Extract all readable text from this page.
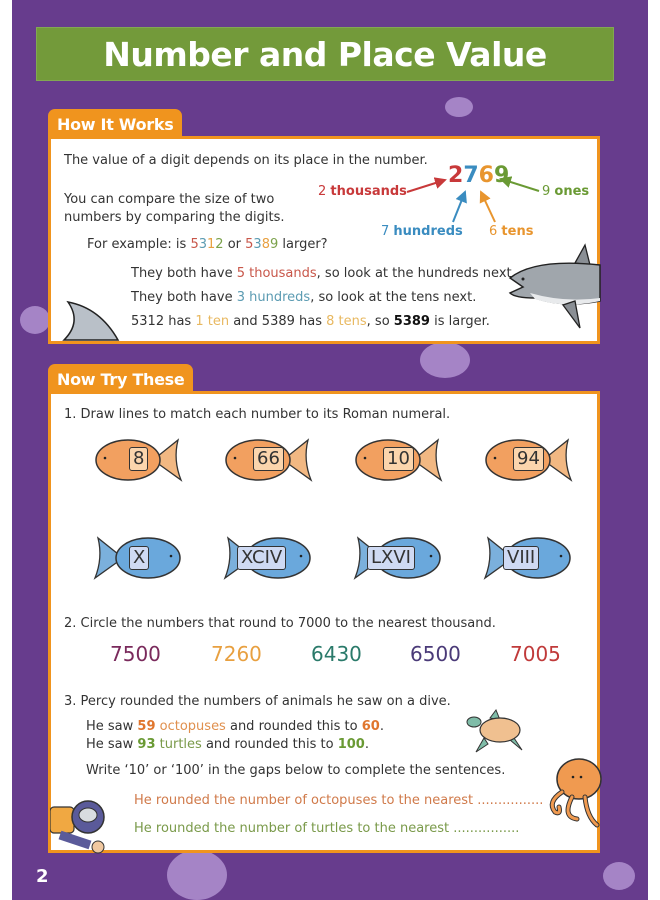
Number and Place Value
How It Works
The value of a digit depends on its place in the number.
You can compare the size of two
numbers by comparing the digits.
For example: is 5312 or 5389 larger?
They both have 5 thousands, so look at the hundreds next.
They both have 3 hundreds, so look at the tens next.
5312 has 1 ten and 5389 has 8 tens, so 5389 is larger.
2769
2 thousands	9 ones
7 hundreds 6 tens
Now Try These
1. Draw lines to match each number to its Roman numeral.
8	66	10	94
X	XCIV	LXVI	VIII
2. Circle the numbers that round to 7000 to the nearest thousand.
7500	7260 6430 6500 7005
3. Percy rounded the numbers of animals he saw on a dive.
He saw 59 octopuses and rounded this to 60.
He saw 93 turtles and rounded this to 100.
Write ‘10’ or ‘100’ in the gaps below to complete the sentences.
He rounded the number of octopuses to the nearest ................
He rounded the number of turtles to the nearest ................
2
